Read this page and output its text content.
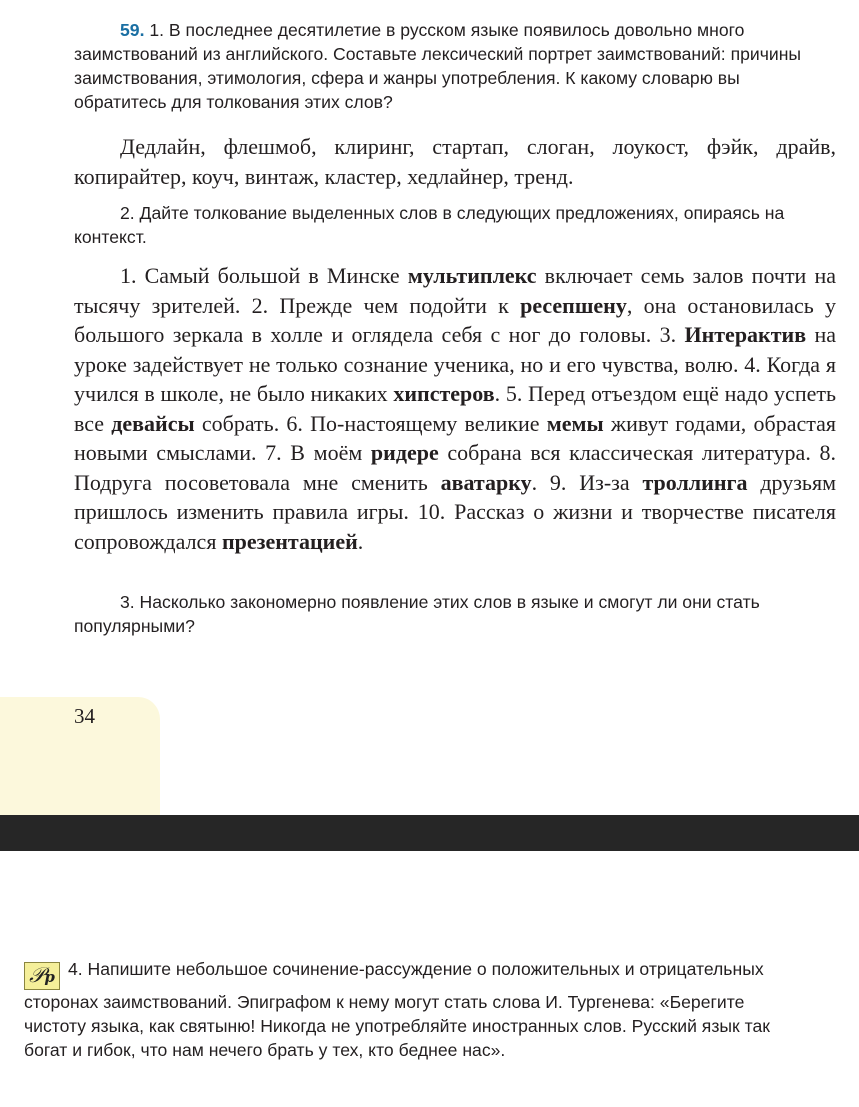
59. 1. В последнее десятилетие в русском языке появилось довольно много заимствований из английского. Составьте лексический портрет заимствований: причины заимствования, этимология, сфера и жанры употребления. К какому словарю вы обратитесь для толкования этих слов?

Дедлайн, флешмоб, клиринг, стартап, слоган, лоукост, фэйк, драйв, копирайтер, коуч, винтаж, кластер, хедлайнер, тренд.

2. Дайте толкование выделенных слов в следующих предложениях, опираясь на контекст.

1. Самый большой в Минске мультиплекс включает семь залов почти на тысячу зрителей. 2. Прежде чем подойти к ресепшену, она остановилась у большого зеркала в холле и оглядела себя с ног до головы. 3. Интерактив на уроке задействует не только сознание ученика, но и его чувства, волю. 4. Когда я учился в школе, не было никаких хипстеров. 5. Перед отъездом ещё надо успеть все девайсы собрать. 6. По-настоящему великие мемы живут годами, обрастая новыми смыслами. 7. В моём ридере собрана вся классическая литература. 8. Подруга посоветовала мне сменить аватарку. 9. Из-за троллинга друзьям пришлось изменить правила игры. 10. Рассказ о жизни и творчестве писателя сопровождался презентацией.

3. Насколько закономерно появление этих слов в языке и смогут ли они стать популярными?

34

𝒫p 4. Напишите небольшое сочинение-рассуждение о положительных и отрицательных сторонах заимствований. Эпиграфом к нему могут стать слова И. Тургенева: «Берегите чистоту языка, как святыню! Никогда не употребляйте иностранных слов. Русский язык так богат и гибок, что нам нечего брать у тех, кто беднее нас».
